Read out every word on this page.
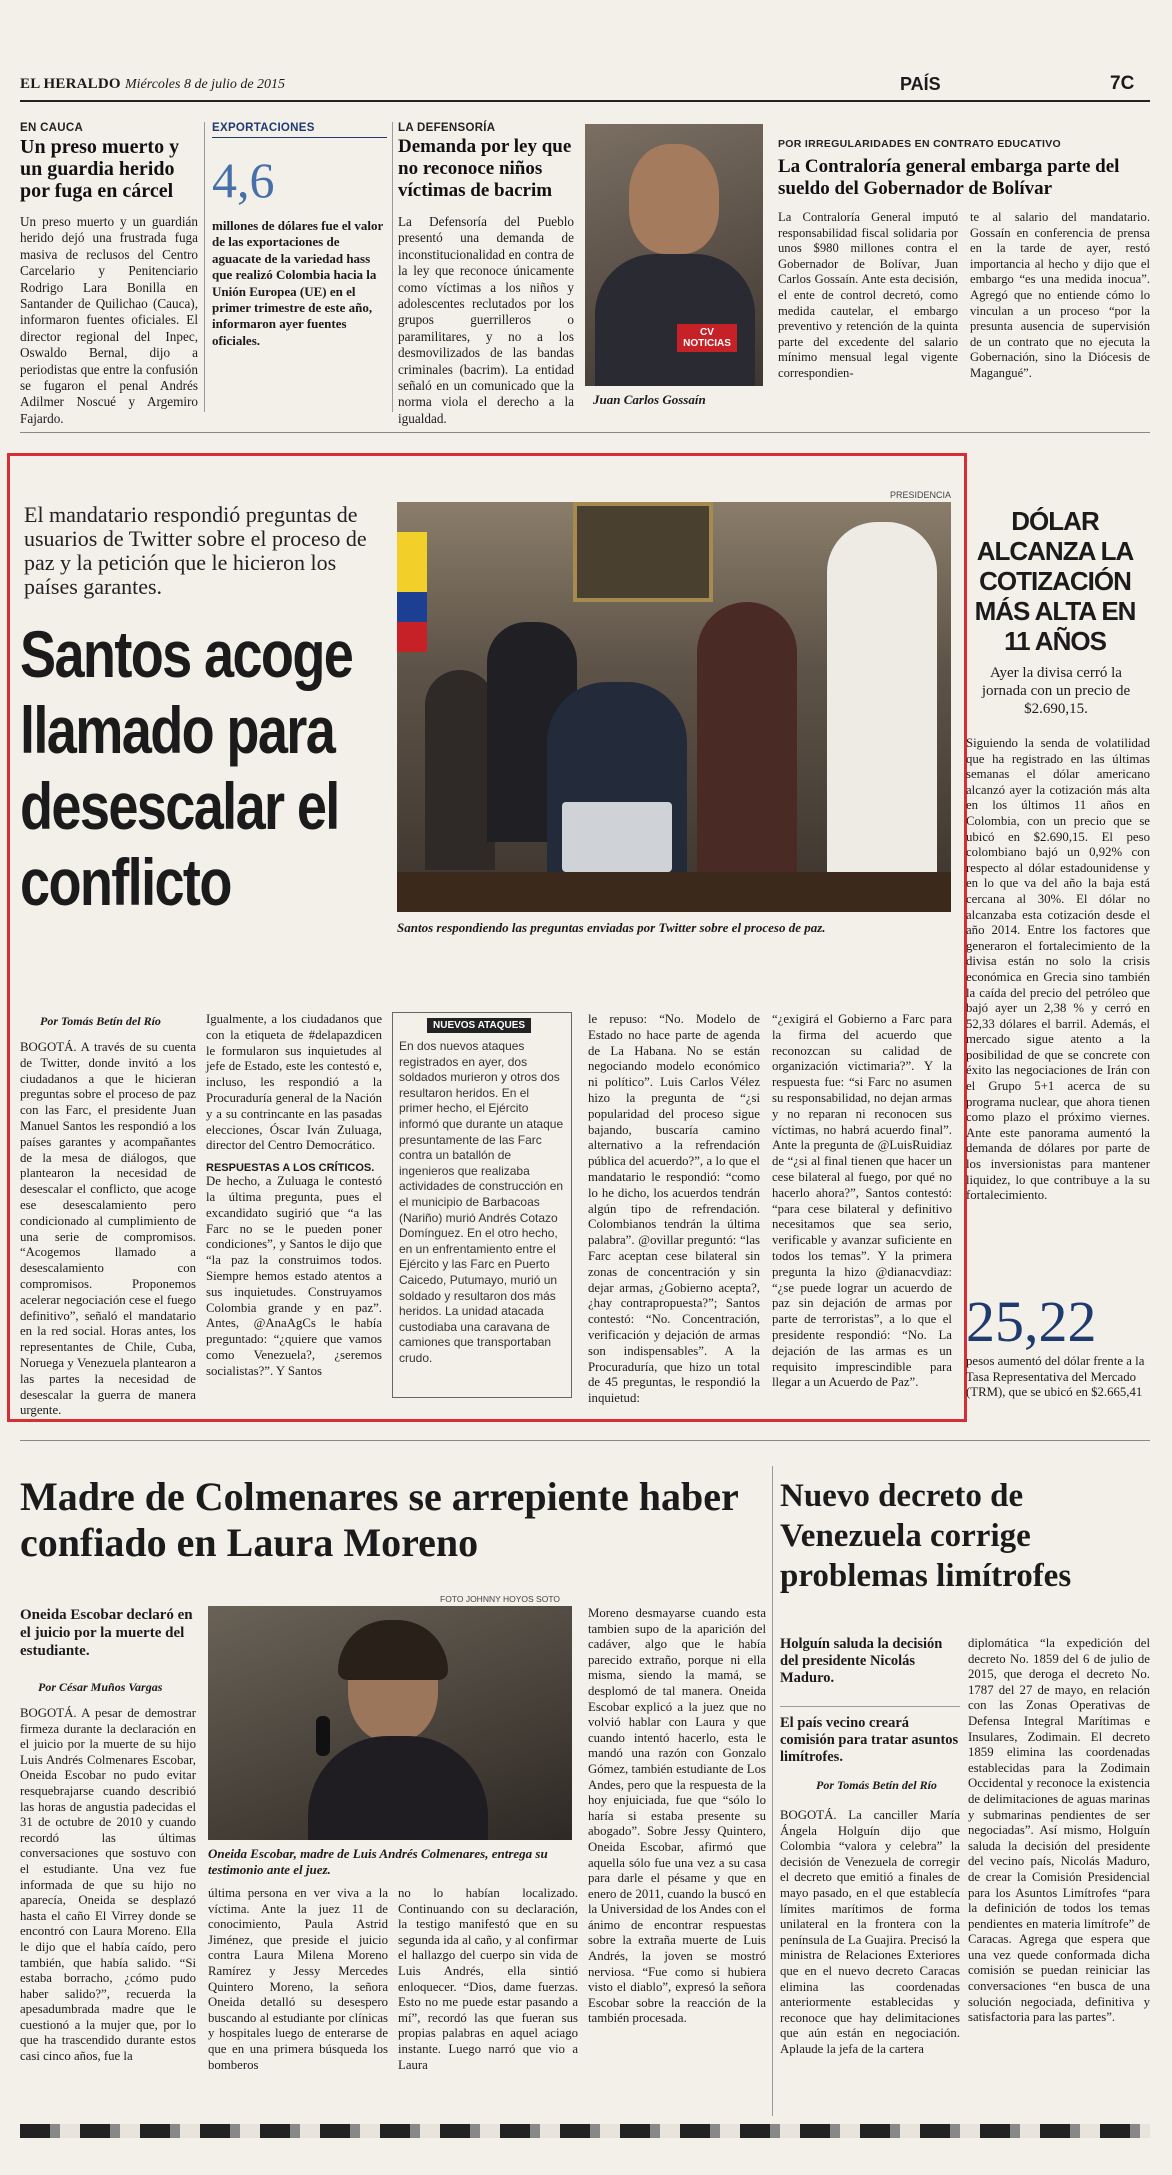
EL HERALDO Miércoles 8 de julio de 2015	PAÍS	7C
EN CAUCA
Un preso muerto y un guardia herido por fuga en cárcel

Un preso muerto y un guardián herido dejó una frustrada fuga masiva de reclusos del Centro Carcelario y Penitenciario Rodrigo Lara Bonilla en Santander de Quilichao (Cauca), informaron fuentes oficiales. El director regional del Inpec, Oswaldo Bernal, dijo a periodistas que entre la confusión se fugaron el penal Andrés Adilmer Noscué y Argemiro Fajardo.

EXPORTACIONES
4,6

millones de dólares fue el valor de las exportaciones de aguacate de la variedad hass que realizó Colombia hacia la Unión Europea (UE) en el primer trimestre de este año, informaron ayer fuentes oficiales.

LA DEFENSORÍA
Demanda por ley que no reconoce niños víctimas de bacrim

La Defensoría del Pueblo presentó una demanda de inconstitucionalidad en contra de la ley que reconoce únicamente como víctimas a los niños y adolescentes reclutados por los grupos guerrilleros o paramilitares, y no a los desmovilizados de las bandas criminales (bacrim). La entidad señaló en un comunicado que la norma viola el derecho a la igualdad.

CV NOTICIAS
Juan Carlos Gossaín
POR IRREGULARIDADES EN CONTRATO EDUCATIVO
La Contraloría general embarga parte del sueldo del Gobernador de Bolívar

La Contraloría General imputó responsabilidad fiscal solidaria por unos $980 millones contra el Gobernador de Bolívar, Juan Carlos Gossaín. Ante esta decisión, el ente de control decretó, como medida cautelar, el embargo preventivo y retención de la quinta parte del excedente del salario mínimo mensual legal vigente correspondien-

te al salario del mandatario. Gossaín en conferencia de prensa en la tarde de ayer, restó importancia al hecho y dijo que el embargo “es una medida inocua”. Agregó que no entiende cómo lo vinculan a un proceso “por la presunta ausencia de supervisión de un contrato que no ejecuta la Gobernación, sino la Diócesis de Magangué”.

El mandatario respondió preguntas de usuarios de Twitter sobre el proceso de paz y la petición que le hicieron los países garantes.
Santos acoge llamado para desescalar el conflicto
PRESIDENCIA
Santos respondiendo las preguntas enviadas por Twitter sobre el proceso de paz.
Por Tomás Betín del Río

BOGOTÁ. A través de su cuenta de Twitter, donde invitó a los ciudadanos a que le hicieran preguntas sobre el proceso de paz con las Farc, el presidente Juan Manuel Santos les respondió a los países garantes y acompañantes de la mesa de diálogos, que plantearon la necesidad de desescalar el conflicto, que acoge ese desescalamiento pero condicionado al cumplimiento de una serie de compromisos. “Acogemos llamado a desescalamiento con compromisos. Proponemos acelerar negociación cese el fuego definitivo”, señaló el mandatario en la red social. Horas antes, los representantes de Chile, Cuba, Noruega y Venezuela plantearon a las partes la necesidad de desescalar la guerra de manera urgente.

Igualmente, a los ciudadanos que con la etiqueta de #delapazdicen le formularon sus inquietudes al jefe de Estado, este les contestó e, incluso, les respondió a la Procuraduría general de la Nación y a su contrincante en las pasadas elecciones, Óscar Iván Zuluaga, director del Centro Democrático.

RESPUESTAS A LOS CRÍTICOS.

De hecho, a Zuluaga le contestó la última pregunta, pues el excandidato sugirió que “a las Farc no se le pueden poner condiciones”, y Santos le dijo que “la paz la construimos todos. Siempre hemos estado atentos a sus inquietudes. Construyamos Colombia grande y en paz”. Antes, @AnaAgCs le había preguntado: “¿quiere que vamos como Venezuela?, ¿seremos socialistas?”. Y Santos

NUEVOS ATAQUES

En dos nuevos ataques registrados en ayer, dos soldados murieron y otros dos resultaron heridos. En el primer hecho, el Ejército informó que durante un ataque presuntamente de las Farc contra un batallón de ingenieros que realizaba actividades de construcción en el municipio de Barbacoas (Nariño) murió Andrés Cotazo Domínguez. En el otro hecho, en un enfrentamiento entre el Ejército y las Farc en Puerto Caicedo, Putumayo, murió un soldado y resultaron dos más heridos. La unidad atacada custodiaba una caravana de camiones que transportaban crudo.

le repuso: “No. Modelo de Estado no hace parte de agenda de La Habana. No se están negociando modelo económico ni político”. Luis Carlos Vélez hizo la pregunta de “¿si popularidad del proceso sigue bajando, buscaría camino alternativo a la refrendación pública del acuerdo?”, a lo que el mandatario le respondió: “como lo he dicho, los acuerdos tendrán algún tipo de refrendación. Colombianos tendrán la última palabra”. @ovillar preguntó: “las Farc aceptan cese bilateral sin zonas de concentración y sin dejar armas, ¿Gobierno acepta?, ¿hay contrapropuesta?”; Santos contestó: “No. Concentración, verificación y dejación de armas son indispensables”. A la Procuraduría, que hizo un total de 45 preguntas, le respondió la inquietud:

“¿exigirá el Gobierno a Farc para la firma del acuerdo que reconozcan su calidad de organización victimaria?”. Y la respuesta fue: “si Farc no asumen su responsabilidad, no dejan armas y no reparan ni reconocen sus víctimas, no habrá acuerdo final”. Ante la pregunta de @LuisRuidiaz de “¿si al final tienen que hacer un cese bilateral al fuego, por qué no hacerlo ahora?”, Santos contestó: “para cese bilateral y definitivo necesitamos que sea serio, verificable y avanzar suficiente en todos los temas”. Y la primera pregunta la hizo @dianacvdiaz: “¿se puede lograr un acuerdo de paz sin dejación de armas por parte de terroristas”, a lo que el presidente respondió: “No. La dejación de las armas es un requisito imprescindible para llegar a un Acuerdo de Paz”.

DÓLAR ALCANZA LA COTIZACIÓN MÁS ALTA EN 11 AÑOS
Ayer la divisa cerró la jornada con un precio de $2.690,15.

Siguiendo la senda de volatilidad que ha registrado en las últimas semanas el dólar americano alcanzó ayer la cotización más alta en los últimos 11 años en Colombia, con un precio que se ubicó en $2.690,15. El peso colombiano bajó un 0,92% con respecto al dólar estadounidense y en lo que va del año la baja está cercana al 30%. El dólar no alcanzaba esta cotización desde el año 2014. Entre los factores que generaron el fortalecimiento de la divisa están no solo la crisis económica en Grecia sino también la caída del precio del petróleo que bajó ayer un 2,38 % y cerró en 52,33 dólares el barril. Además, el mercado sigue atento a la posibilidad de que se concrete con éxito las negociaciones de Irán con el Grupo 5+1 acerca de su programa nuclear, que ahora tienen como plazo el próximo viernes. Ante este panorama aumentó la demanda de dólares por parte de los inversionistas para mantener liquidez, lo que contribuye a la su fortalecimiento.

25,22
pesos aumentó del dólar frente a la Tasa Representativa del Mercado (TRM), que se ubicó en $2.665,41
Madre de Colmenares se arrepiente haber confiado en Laura Moreno
Oneida Escobar declaró en el juicio por la muerte del estudiante.
Por César Muños Vargas

BOGOTÁ. A pesar de demostrar firmeza durante la declaración en el juicio por la muerte de su hijo Luis Andrés Colmenares Escobar, Oneida Escobar no pudo evitar resquebrajarse cuando describió las horas de angustia padecidas el 31 de octubre de 2010 y cuando recordó las últimas conversaciones que sostuvo con el estudiante. Una vez fue informada de que su hijo no aparecía, Oneida se desplazó hasta el caño El Virrey donde se encontró con Laura Moreno. Ella le dijo que el había caído, pero también, que había salido. “Si estaba borracho, ¿cómo pudo haber salido?”, recuerda la apesadumbrada madre que le cuestionó a la mujer que, por lo que ha trascendido durante estos casi cinco años, fue la

FOTO JOHNNY HOYOS SOTO
Oneida Escobar, madre de Luis Andrés Colmenares, entrega su testimonio ante el juez.

última persona en ver viva a la víctima. Ante la juez 11 de conocimiento, Paula Astrid Jiménez, que preside el juicio contra Laura Milena Moreno Ramírez y Jessy Mercedes Quintero Moreno, la señora Oneida detalló su desespero buscando al estudiante por clínicas y hospitales luego de enterarse de que en una primera búsqueda los bomberos

no lo habían localizado. Continuando con su declaración, la testigo manifestó que en su segunda ida al caño, y al confirmar el hallazgo del cuerpo sin vida de Luis Andrés, ella sintió enloquecer. “Dios, dame fuerzas. Esto no me puede estar pasando a mí”, recordó las que fueran sus propias palabras en aquel aciago instante. Luego narró que vio a Laura

Moreno desmayarse cuando esta tambien supo de la aparición del cadáver, algo que le había parecido extraño, porque ni ella misma, siendo la mamá, se desplomó de tal manera. Oneida Escobar explicó a la juez que no volvió hablar con Laura y que cuando intentó hacerlo, esta le mandó una razón con Gonzalo Gómez, también estudiante de Los Andes, pero que la respuesta de la hoy enjuiciada, fue que “sólo lo haría si estaba presente su abogado”. Sobre Jessy Quintero, Oneida Escobar, afirmó que aquella sólo fue una vez a su casa para darle el pésame y que en enero de 2011, cuando la buscó en la Universidad de los Andes con el ánimo de encontrar respuestas sobre la extraña muerte de Luis Andrés, la joven se mostró nerviosa. “Fue como si hubiera visto el diablo”, expresó la señora Escobar sobre la reacción de la también procesada.

Nuevo decreto de Venezuela corrige problemas limítrofes
Holguín saluda la decisión del presidente Nicolás Maduro.
El país vecino creará comisión para tratar asuntos limítrofes.
Por Tomás Betín del Río

BOGOTÁ. La canciller María Ángela Holguín dijo que Colombia “valora y celebra” la decisión de Venezuela de corregir el decreto que emitió a finales de mayo pasado, en el que establecía límites marítimos de forma unilateral en la frontera con la península de La Guajira. Precisó la ministra de Relaciones Exteriores que en el nuevo decreto Caracas elimina las coordenadas anteriormente establecidas y reconoce que hay delimitaciones que aún están en negociación. Aplaude la jefa de la cartera

diplomática “la expedición del decreto No. 1859 del 6 de julio de 2015, que deroga el decreto No. 1787 del 27 de mayo, en relación con las Zonas Operativas de Defensa Integral Marítimas e Insulares, Zodimain. El decreto 1859 elimina las coordenadas establecidas para la Zodimain Occidental y reconoce la existencia de delimitaciones de aguas marinas y submarinas pendientes de ser negociadas”. Así mismo, Holguín saluda la decisión del presidente del vecino país, Nicolás Maduro, de crear la Comisión Presidencial para los Asuntos Limítrofes “para la definición de todos los temas pendientes en materia limítrofe” de Caracas. Agrega que espera que una vez quede conformada dicha comisión se puedan reiniciar las conversaciones “en busca de una solución negociada, definitiva y satisfactoria para las partes”.
